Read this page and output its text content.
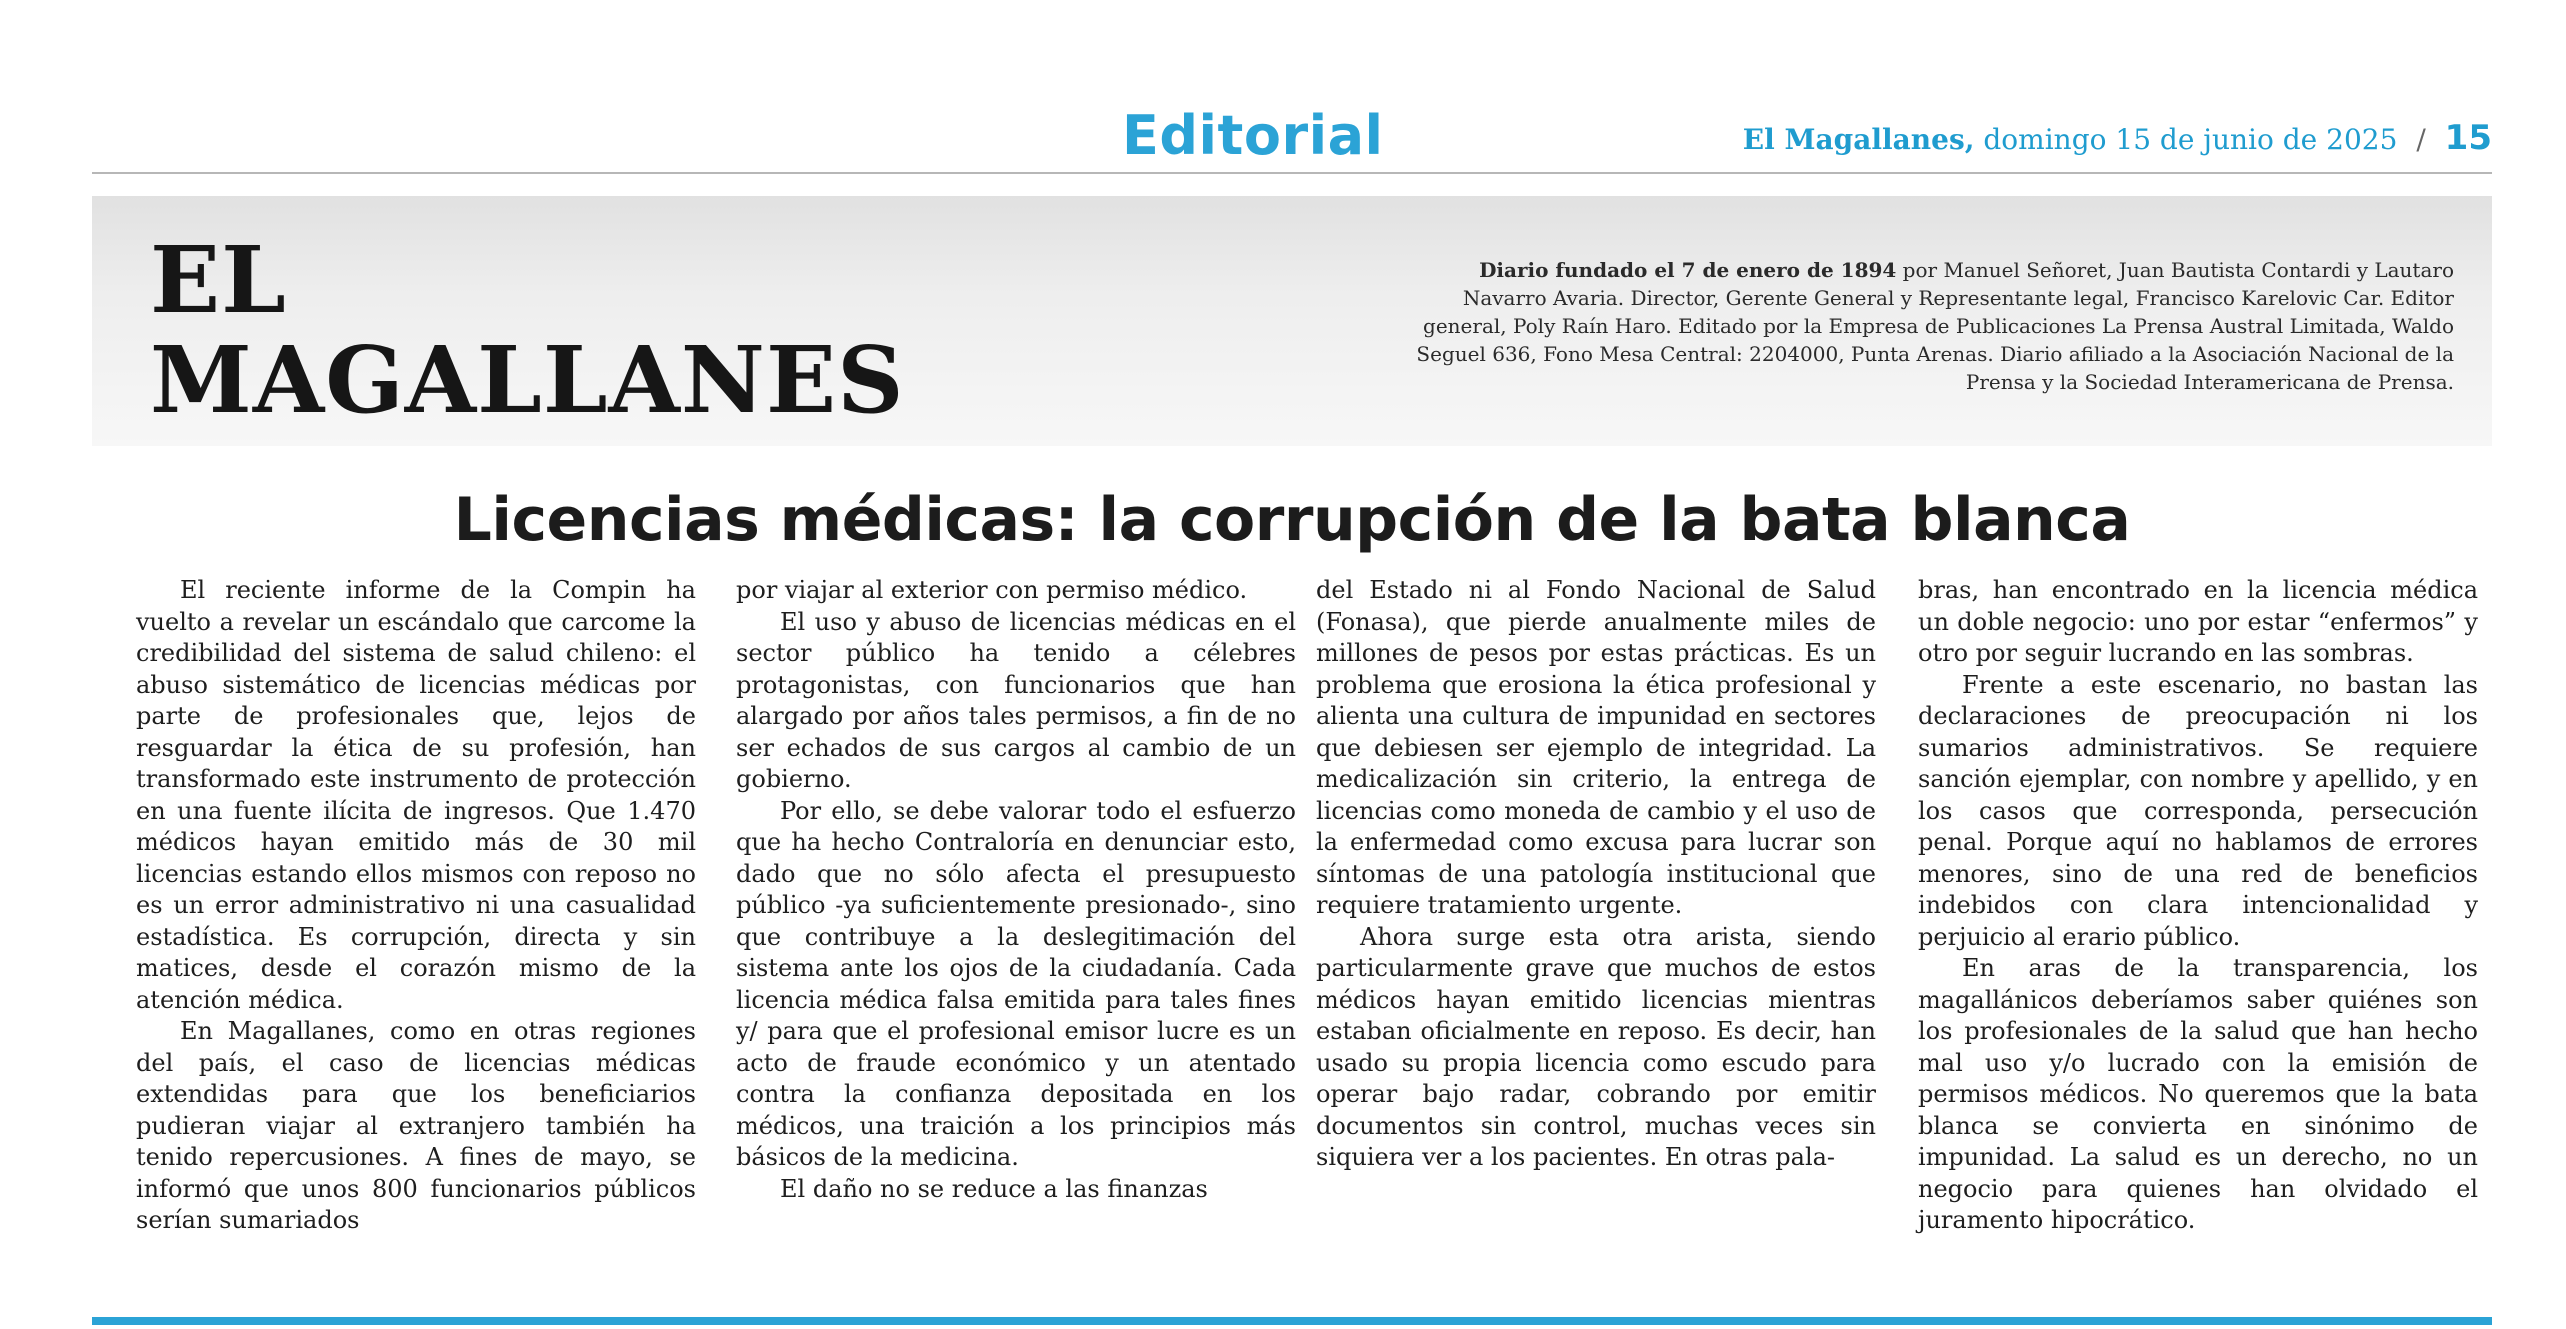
Editorial	El Magallanes, domingo 15 de junio de 2025 / 15
EL
MAGALLANES
Diario fundado el 7 de enero de 1894 por Manuel Señoret, Juan Bautista Contardi y Lautaro Navarro Avaria. Director, Gerente General y Representante legal, Francisco Karelovic Car. Editor general, Poly Raín Haro. Editado por la Empresa de Publicaciones La Prensa Austral Limitada, Waldo Seguel 636, Fono Mesa Central: 2204000, Punta Arenas. Diario afiliado a la Asociación Nacional de la Prensa y la Sociedad Interamericana de Prensa.
Licencias médicas: la corrupción de la bata blanca

El reciente informe de la Compin ha vuelto a revelar un escándalo que carcome la credibilidad del sistema de salud chileno: el abuso sistemático de licencias médicas por parte de profesionales que, lejos de resguardar la ética de su profesión, han transformado este instrumento de protección en una fuente ilícita de ingresos. Que 1.470 médicos hayan emitido más de 30 mil licencias estando ellos mismos con reposo no es un error administrativo ni una casualidad estadística. Es corrupción, directa y sin matices, desde el corazón mismo de la atención médica.

En Magallanes, como en otras regiones del país, el caso de licencias médicas extendidas para que los beneficiarios pudieran viajar al extranjero también ha tenido repercusiones. A fines de mayo, se informó que unos 800 funcionarios públicos serían sumariados

por viajar al exterior con permiso médico.

El uso y abuso de licencias médicas en el sector público ha tenido a célebres protagonistas, con funcionarios que han alargado por años tales permisos, a fin de no ser echados de sus cargos al cambio de un gobierno.

Por ello, se debe valorar todo el esfuerzo que ha hecho Contraloría en denunciar esto, dado que no sólo afecta el presupuesto público -ya suficientemente presionado-, sino que contribuye a la deslegitimación del sistema ante los ojos de la ciudadanía. Cada licencia médica falsa emitida para tales fines y/ para que el profesional emisor lucre es un acto de fraude económico y un atentado contra la confianza depositada en los médicos, una traición a los principios más básicos de la medicina.

El daño no se reduce a las finanzas

del Estado ni al Fondo Nacional de Salud (Fonasa), que pierde anualmente miles de millones de pesos por estas prácticas. Es un problema que erosiona la ética profesional y alienta una cultura de impunidad en sectores que debiesen ser ejemplo de integridad. La medicalización sin criterio, la entrega de licencias como moneda de cambio y el uso de la enfermedad como excusa para lucrar son síntomas de una patología institucional que requiere tratamiento urgente.

Ahora surge esta otra arista, siendo particularmente grave que muchos de estos médicos hayan emitido licencias mientras estaban oficialmente en reposo. Es decir, han usado su propia licencia como escudo para operar bajo radar, cobrando por emitir documentos sin control, muchas veces sin siquiera ver a los pacientes. En otras pala-

bras, han encontrado en la licencia médica un doble negocio: uno por estar “enfermos” y otro por seguir lucrando en las sombras.

Frente a este escenario, no bastan las declaraciones de preocupación ni los sumarios administrativos. Se requiere sanción ejemplar, con nombre y apellido, y en los casos que corresponda, persecución penal. Porque aquí no hablamos de errores menores, sino de una red de beneficios indebidos con clara intencionalidad y perjuicio al erario público.

En aras de la transparencia, los magallánicos deberíamos saber quiénes son los profesionales de la salud que han hecho mal uso y/o lucrado con la emisión de permisos médicos. No queremos que la bata blanca se convierta en sinónimo de impunidad. La salud es un derecho, no un negocio para quienes han olvidado el juramento hipocrático.
